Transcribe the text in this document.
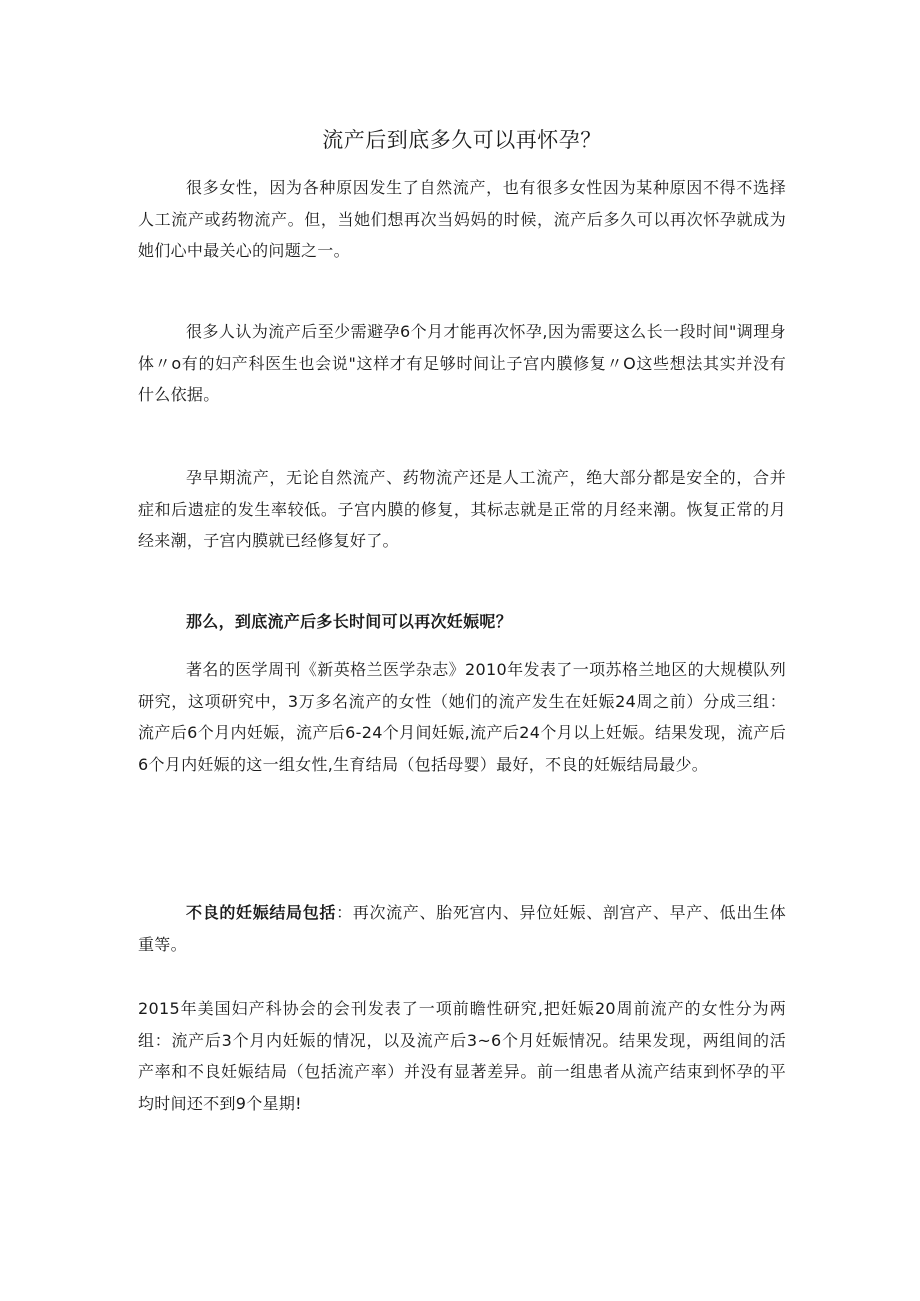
流产后到底多久可以再怀孕？

很多女性，因为各种原因发生了自然流产，也有很多女性因为某种原因不得不选择人工流产或药物流产。但，当她们想再次当妈妈的时候，流产后多久可以再次怀孕就成为她们心中最关心的问题之一。

很多人认为流产后至少需避孕6个月才能再次怀孕,因为需要这么长一段时间"调理身体〃o有的妇产科医生也会说"这样才有足够时间让子宫内膜修复〃O这些想法其实并没有什么依据。

孕早期流产，无论自然流产、药物流产还是人工流产，绝大部分都是安全的，合并症和后遗症的发生率较低。子宫内膜的修复，其标志就是正常的月经来潮。恢复正常的月经来潮，子宫内膜就已经修复好了。

那么，到底流产后多长时间可以再次妊娠呢？

著名的医学周刊《新英格兰医学杂志》2010年发表了一项苏格兰地区的大规模队列研究，这项研究中，3万多名流产的女性（她们的流产发生在妊娠24周之前）分成三组：流产后6个月内妊娠，流产后6-24个月间妊娠,流产后24个月以上妊娠。结果发现，流产后6个月内妊娠的这一组女性,生育结局（包括母婴）最好，不良的妊娠结局最少。

不良的妊娠结局包括：再次流产、胎死宫内、异位妊娠、剖宫产、早产、低出生体重等。

2015年美国妇产科协会的会刊发表了一项前瞻性研究,把妊娠20周前流产的女性分为两组：流产后3个月内妊娠的情况，以及流产后3~6个月妊娠情况。结果发现，两组间的活产率和不良妊娠结局（包括流产率）并没有显著差异。前一组患者从流产结束到怀孕的平均时间还不到9个星期!
